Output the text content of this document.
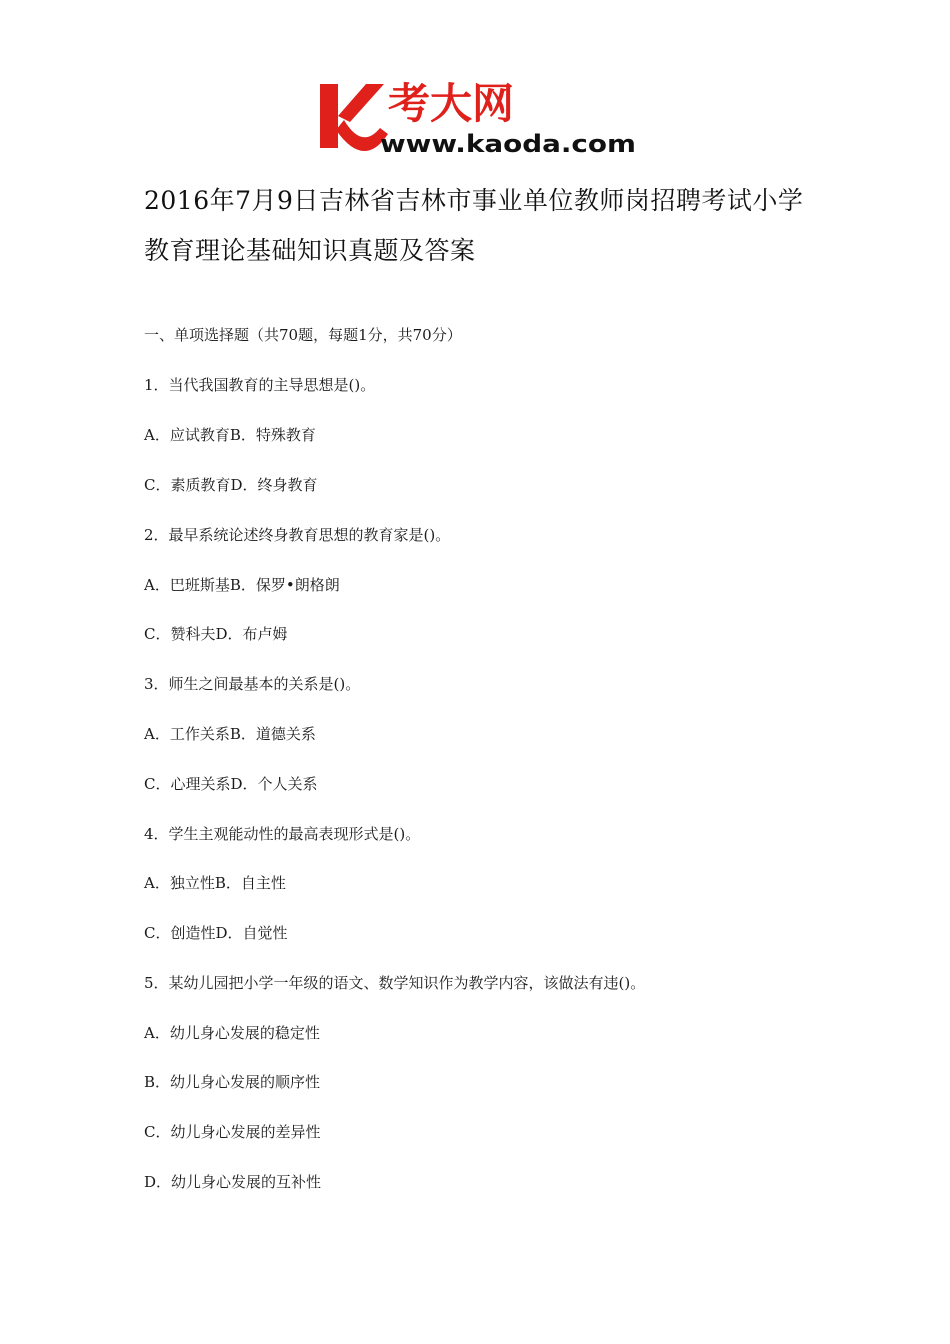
考大网
www.kaoda.com
2016年7月9日吉林省吉林市事业单位教师岗招聘考试小学教育理论基础知识真题及答案
一、单项选择题（共70题，每题1分，共70分）
1．当代我国教育的主导思想是()。
A．应试教育B．特殊教育
C．素质教育D．终身教育
2．最早系统论述终身教育思想的教育家是()。
A．巴班斯基B．保罗•朗格朗
C．赞科夫D．布卢姆
3．师生之间最基本的关系是()。
A．工作关系B．道德关系
C．心理关系D．个人关系
4．学生主观能动性的最高表现形式是()。
A．独立性B．自主性
C．创造性D．自觉性
5．某幼儿园把小学一年级的语文、数学知识作为教学内容，该做法有违()。
A．幼儿身心发展的稳定性
B．幼儿身心发展的顺序性
C．幼儿身心发展的差异性
D．幼儿身心发展的互补性
